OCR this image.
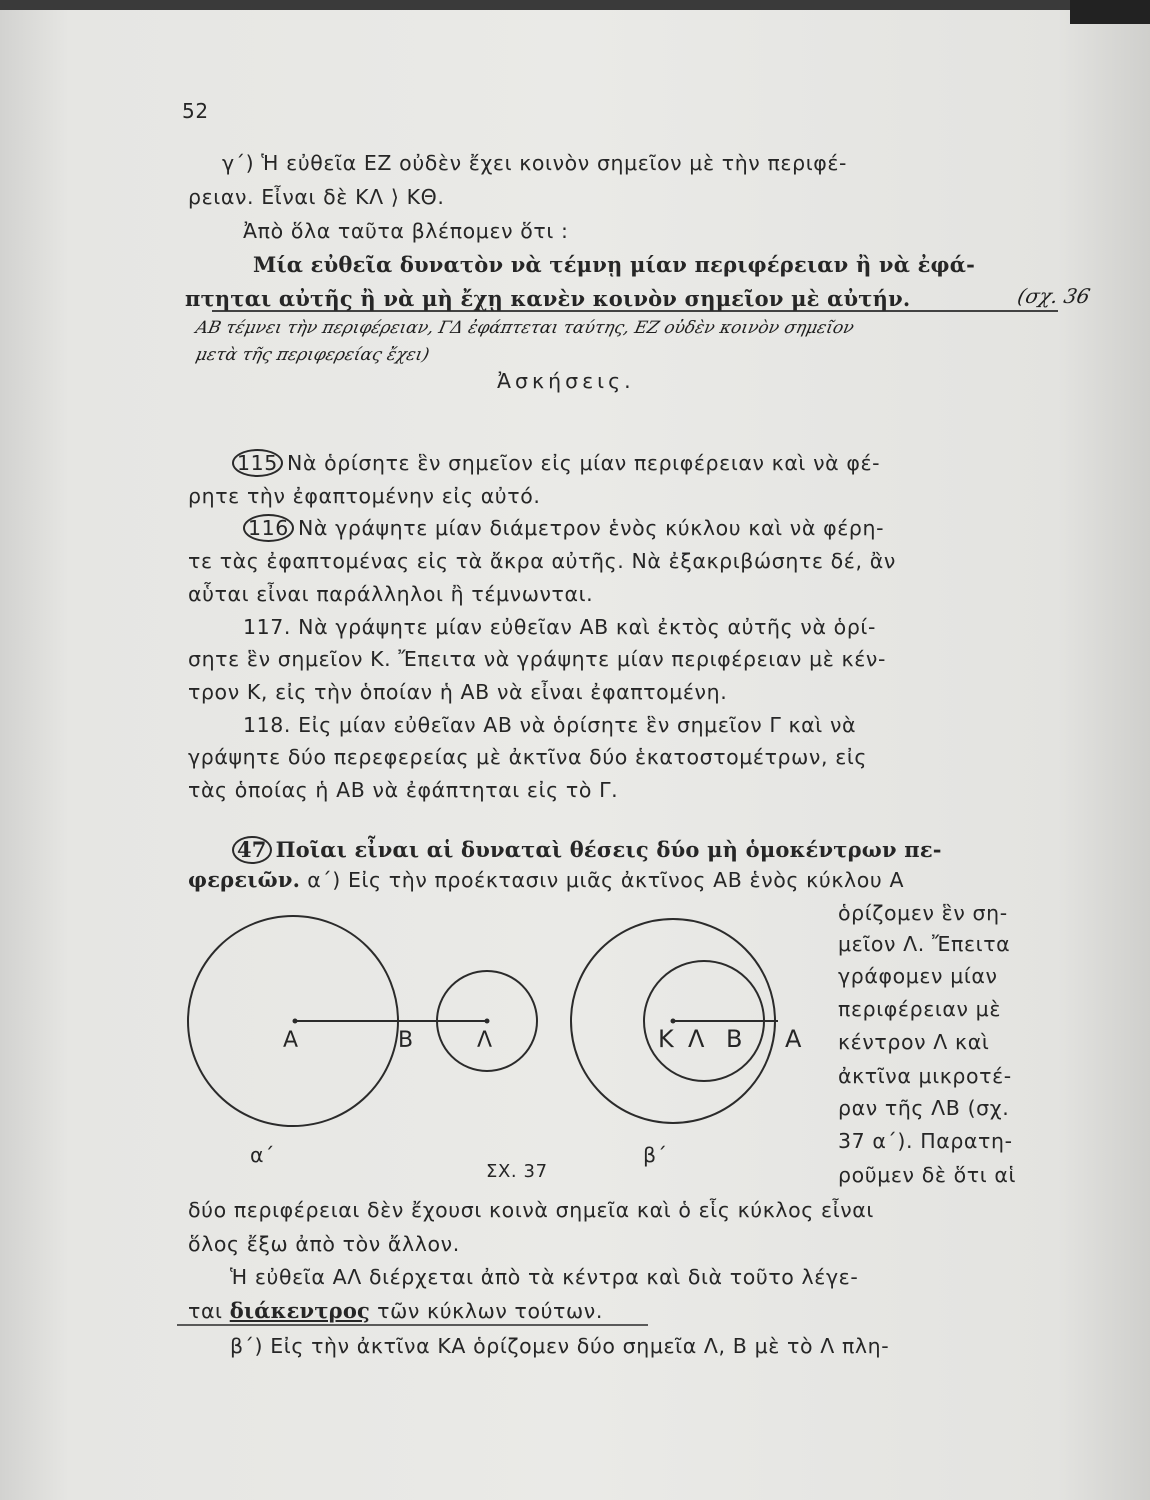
52
γ΄) Ἡ εὐθεῖα ΕΖ οὐδὲν ἔχει κοινὸν σημεῖον μὲ τὴν περιφέ-
ρειαν. Εἶναι δὲ ΚΛ ⟩ ΚΘ.
Ἀπὸ ὅλα ταῦτα βλέπομεν ὅτι :
Μία εὐθεῖα δυνατὸν νὰ τέμνῃ μίαν περιφέρειαν ἢ νὰ ἐφά-
πτηται αὐτῆς ἢ νὰ μὴ ἔχῃ κανὲν κοινὸν σημεῖον μὲ αὐτήν.	(σχ. 36
ΑΒ τέμνει τὴν περιφέρειαν, ΓΔ ἐφάπτεται ταύτης, ΕΖ οὐδὲν κοινὸν σημεῖον
μετὰ τῆς περιφερείας ἔχει)
Ἀσκήσεις.
115 Νὰ ὁρίσητε ἓν σημεῖον εἰς μίαν περιφέρειαν καὶ νὰ φέ-
ρητε τὴν ἐφαπτομένην εἰς αὐτό.
116 Νὰ γράψητε μίαν διάμετρον ἑνὸς κύκλου καὶ νὰ φέρη-
τε τὰς ἐφαπτομένας εἰς τὰ ἄκρα αὐτῆς. Νὰ ἐξακριβώσητε δέ, ἂν
αὗται εἶναι παράλληλοι ἢ τέμνωνται.
117. Νὰ γράψητε μίαν εὐθεῖαν ΑΒ καὶ ἐκτὸς αὐτῆς νὰ ὁρί-
σητε ἓν σημεῖον Κ. Ἔπειτα νὰ γράψητε μίαν περιφέρειαν μὲ κέν-
τρον Κ, εἰς τὴν ὁποίαν ἡ ΑΒ νὰ εἶναι ἐφαπτομένη.
118. Εἰς μίαν εὐθεῖαν ΑΒ νὰ ὁρίσητε ἓν σημεῖον Γ καὶ νὰ
γράψητε δύο περεφερείας μὲ ἀκτῖνα δύο ἑκατοστομέτρων, εἰς
τὰς ὁποίας ἡ ΑΒ νὰ ἐφάπτηται εἰς τὸ Γ.
47 Ποῖαι εἶναι αἱ δυναταὶ θέσεις δύο μὴ ὁμοκέντρων πε-
φερειῶν. α΄) Εἰς τὴν προέκτασιν μιᾶς ἀκτῖνος ΑΒ ἑνὸς κύκλου Α
ὁρίζομεν ἓν ση-
μεῖον Λ. Ἔπειτα
γράφομεν μίαν
περιφέρειαν μὲ
κέντρον Λ καὶ
ἀκτῖνα μικροτέ-
ραν τῆς ΛΒ (σχ.
37 α΄). Παρατη-
ροῦμεν δὲ ὅτι αἱ
Α	Β	Λ	Κ Λ Β Α
α΄	β΄
ΣΧ. 37
δύο περιφέρειαι δὲν ἔχουσι κοινὰ σημεῖα καὶ ὁ εἷς κύκλος εἶναι
ὅλος ἔξω ἀπὸ τὸν ἄλλον.
Ἡ εὐθεῖα ΑΛ διέρχεται ἀπὸ τὰ κέντρα καὶ διὰ τοῦτο λέγε-
ται διάκεντρος τῶν κύκλων τούτων.
β΄) Εἰς τὴν ἀκτῖνα ΚΑ ὁρίζομεν δύο σημεῖα Λ, Β μὲ τὸ Λ πλη-
